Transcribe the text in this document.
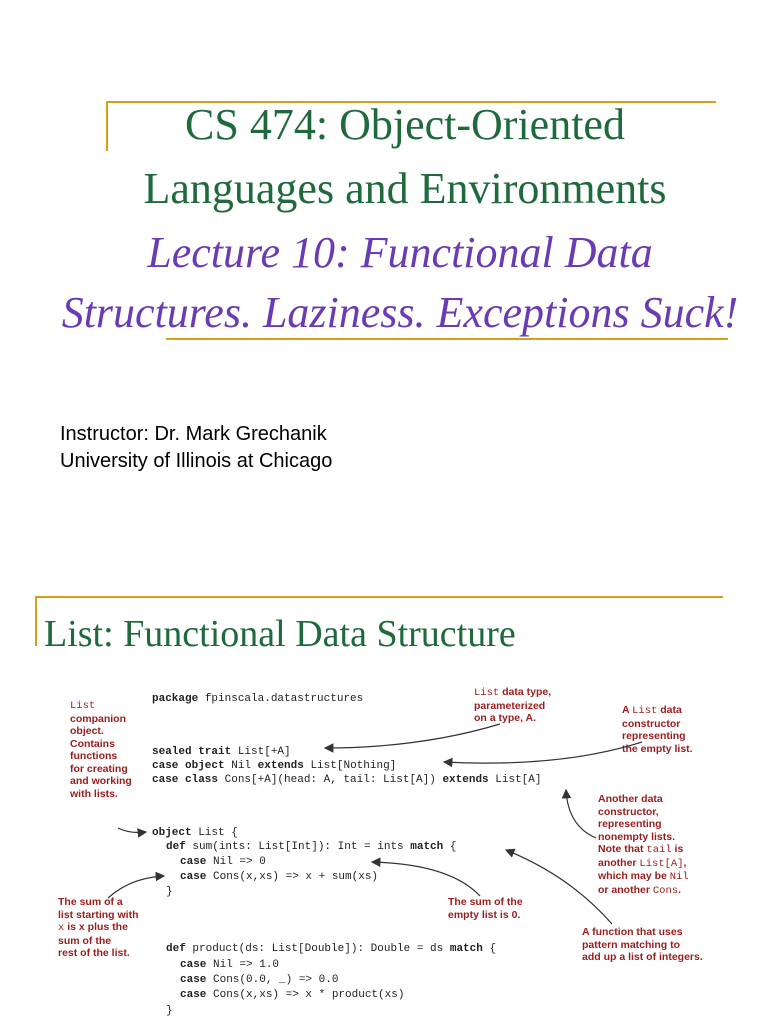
CS 474: Object-Oriented
Languages and Environments
Lecture 10: Functional Data
Structures. Laziness. Exceptions Suck!
Instructor: Dr. Mark Grechanik
University of Illinois at Chicago
List: Functional Data Structure
package fpinscala.datastructures
sealed trait List[+A]
case object Nil extends List[Nothing]
case class Cons[+A](head: A, tail: List[A]) extends List[A]
object List {
def sum(ints: List[Int]): Int = ints match {
case Nil => 0
case Cons(x,xs) => x + sum(xs)
}
def product(ds: List[Double]): Double = ds match {
case Nil => 1.0
case Cons(0.0, _) => 0.0
case Cons(x,xs) => x * product(xs)
}
List
companion
object.
Contains
functions
for creating
and working
with lists.
List data type,
parameterized
on a type, A.
A List data
constructor
representing
the empty list.
Another data
constructor,
representing
nonempty lists.
Note that tail is
another List[A],
which may be Nil
or another Cons.
The sum of a
list starting with
x is x plus the
sum of the
rest of the list.
The sum of the
empty list is 0.
A function that uses
pattern matching to
add up a list of integers.
